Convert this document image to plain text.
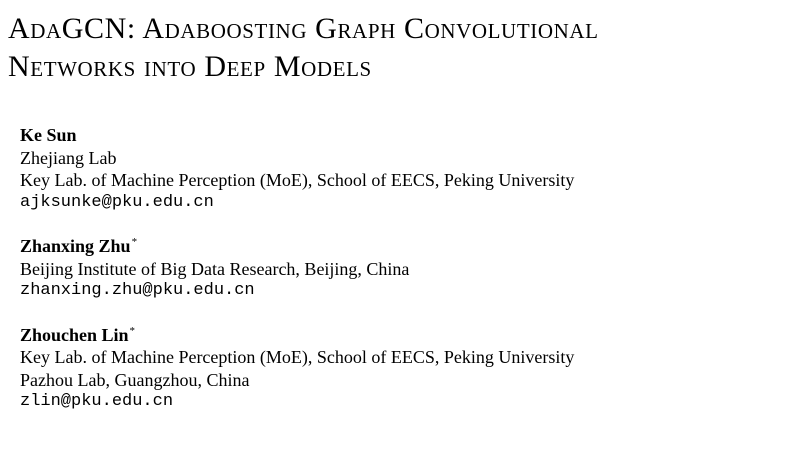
AdaGCN: Adaboosting Graph Convolutional
Networks into Deep Models
Ke Sun
Zhejiang Lab
Key Lab. of Machine Perception (MoE), School of EECS, Peking University
ajksunke@pku.edu.cn
Zhanxing Zhu*
Beijing Institute of Big Data Research, Beijing, China
zhanxing.zhu@pku.edu.cn
Zhouchen Lin*
Key Lab. of Machine Perception (MoE), School of EECS, Peking University
Pazhou Lab, Guangzhou, China
zlin@pku.edu.cn
